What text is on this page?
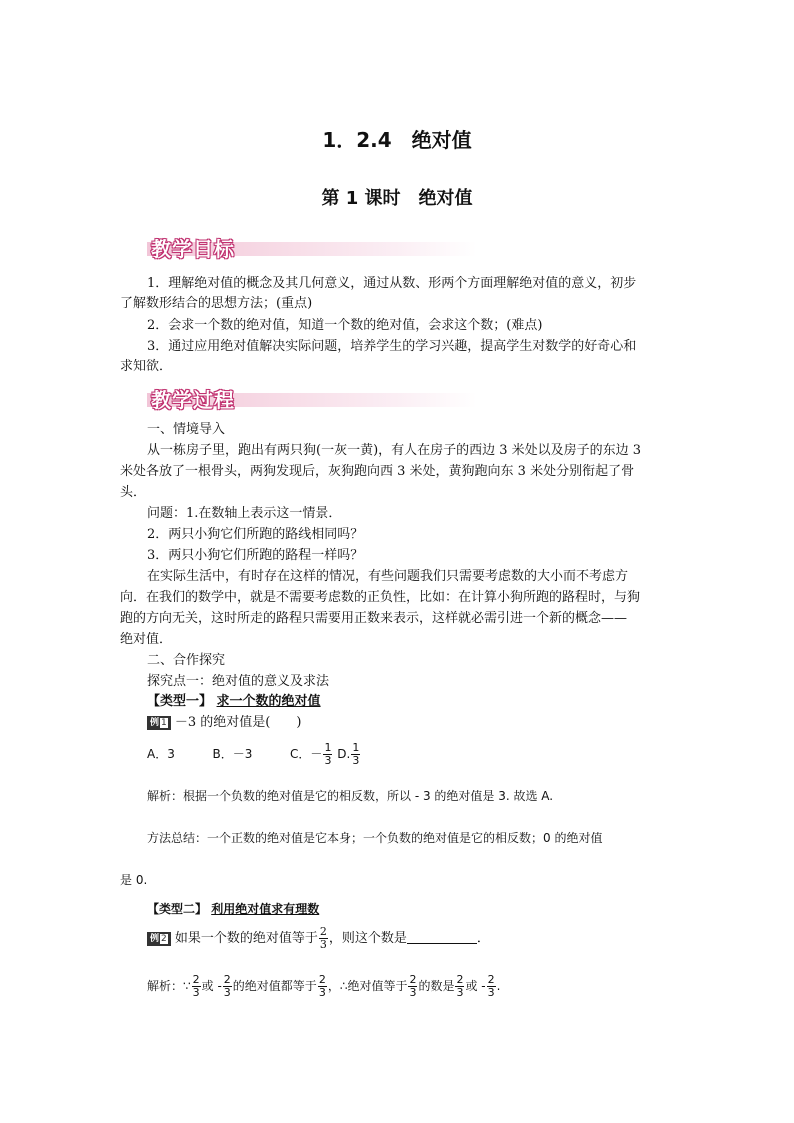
1．2.4　绝对值
第 1 课时　绝对值
教学目标
1．理解绝对值的概念及其几何意义，通过从数、形两个方面理解绝对值的意义，初步
了解数形结合的思想方法；(重点)
2．会求一个数的绝对值，知道一个数的绝对值，会求这个数；(难点)
3．通过应用绝对值解决实际问题，培养学生的学习兴趣，提高学生对数学的好奇心和
求知欲．
教学过程
一、情境导入
从一栋房子里，跑出有两只狗(一灰一黄)，有人在房子的西边 3 米处以及房子的东边 3
米处各放了一根骨头，两狗发现后，灰狗跑向西 3 米处，黄狗跑向东 3 米处分别衔起了骨
头．
问题：1.在数轴上表示这一情景．
2．两只小狗它们所跑的路线相同吗？
3．两只小狗它们所跑的路程一样吗？
在实际生活中，有时存在这样的情况，有些问题我们只需要考虑数的大小而不考虑方
向．在我们的数学中，就是不需要考虑数的正负性，比如：在计算小狗所跑的路程时，与狗
跑的方向无关，这时所走的路程只需要用正数来表示，这样就必需引进一个新的概念——
绝对值．
二、合作探究
探究点一：绝对值的意义及求法
【类型一】 求一个数的绝对值
例 1 －3 的绝对值是(　　)
A．3	B．－3	C．－ $\frac{1}{3} D$. $\frac{1}{3}$
解析：根据一个负数的绝对值是它的相反数，所以 - 3 的绝对值是 3. 故选 A.
方法总结：一个正数的绝对值是它本身；一个负数的绝对值是它的相反数；0 的绝对值
是 0.
【类型二】 利用绝对值求有理数
例 2 如果一个数的绝对值等于 $\frac{2}{3}$ ，则这个数是	．
解析：∵ $\frac{2}{3}$ 或 - $\frac{2}{3}$ 的绝对值都等于 $\frac{2}{3}$ ，∴绝对值等于 $\frac{2}{3}$ 的数是 $\frac{2}{3}$ 或 - $\frac{2}{3}$ .
